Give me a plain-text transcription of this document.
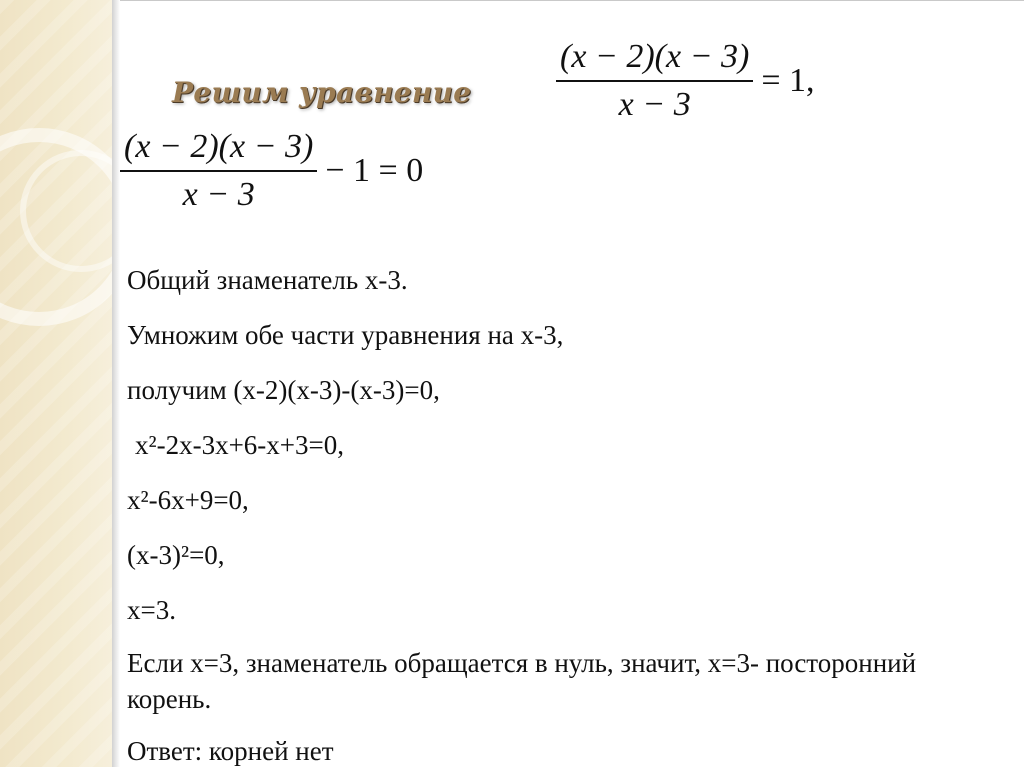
Решим уравнение $\frac{(x - 2)(x - 3)}{x - 3} = 1$,
$\frac{(x - 2)(x - 3)}{x - 3} - 1 = 0$
Общий знаменатель х-3.
Умножим обе части уравнения на х-3,
получим (х-2)(х-3)-(х-3)=0,
х²-2х-3х+6-х+3=0,
х²-6х+9=0,
(х-3)²=0,
х=3.
Если х=3, знаменатель обращается в нуль, значит, х=3- посторонний корень.
Ответ: корней нет
